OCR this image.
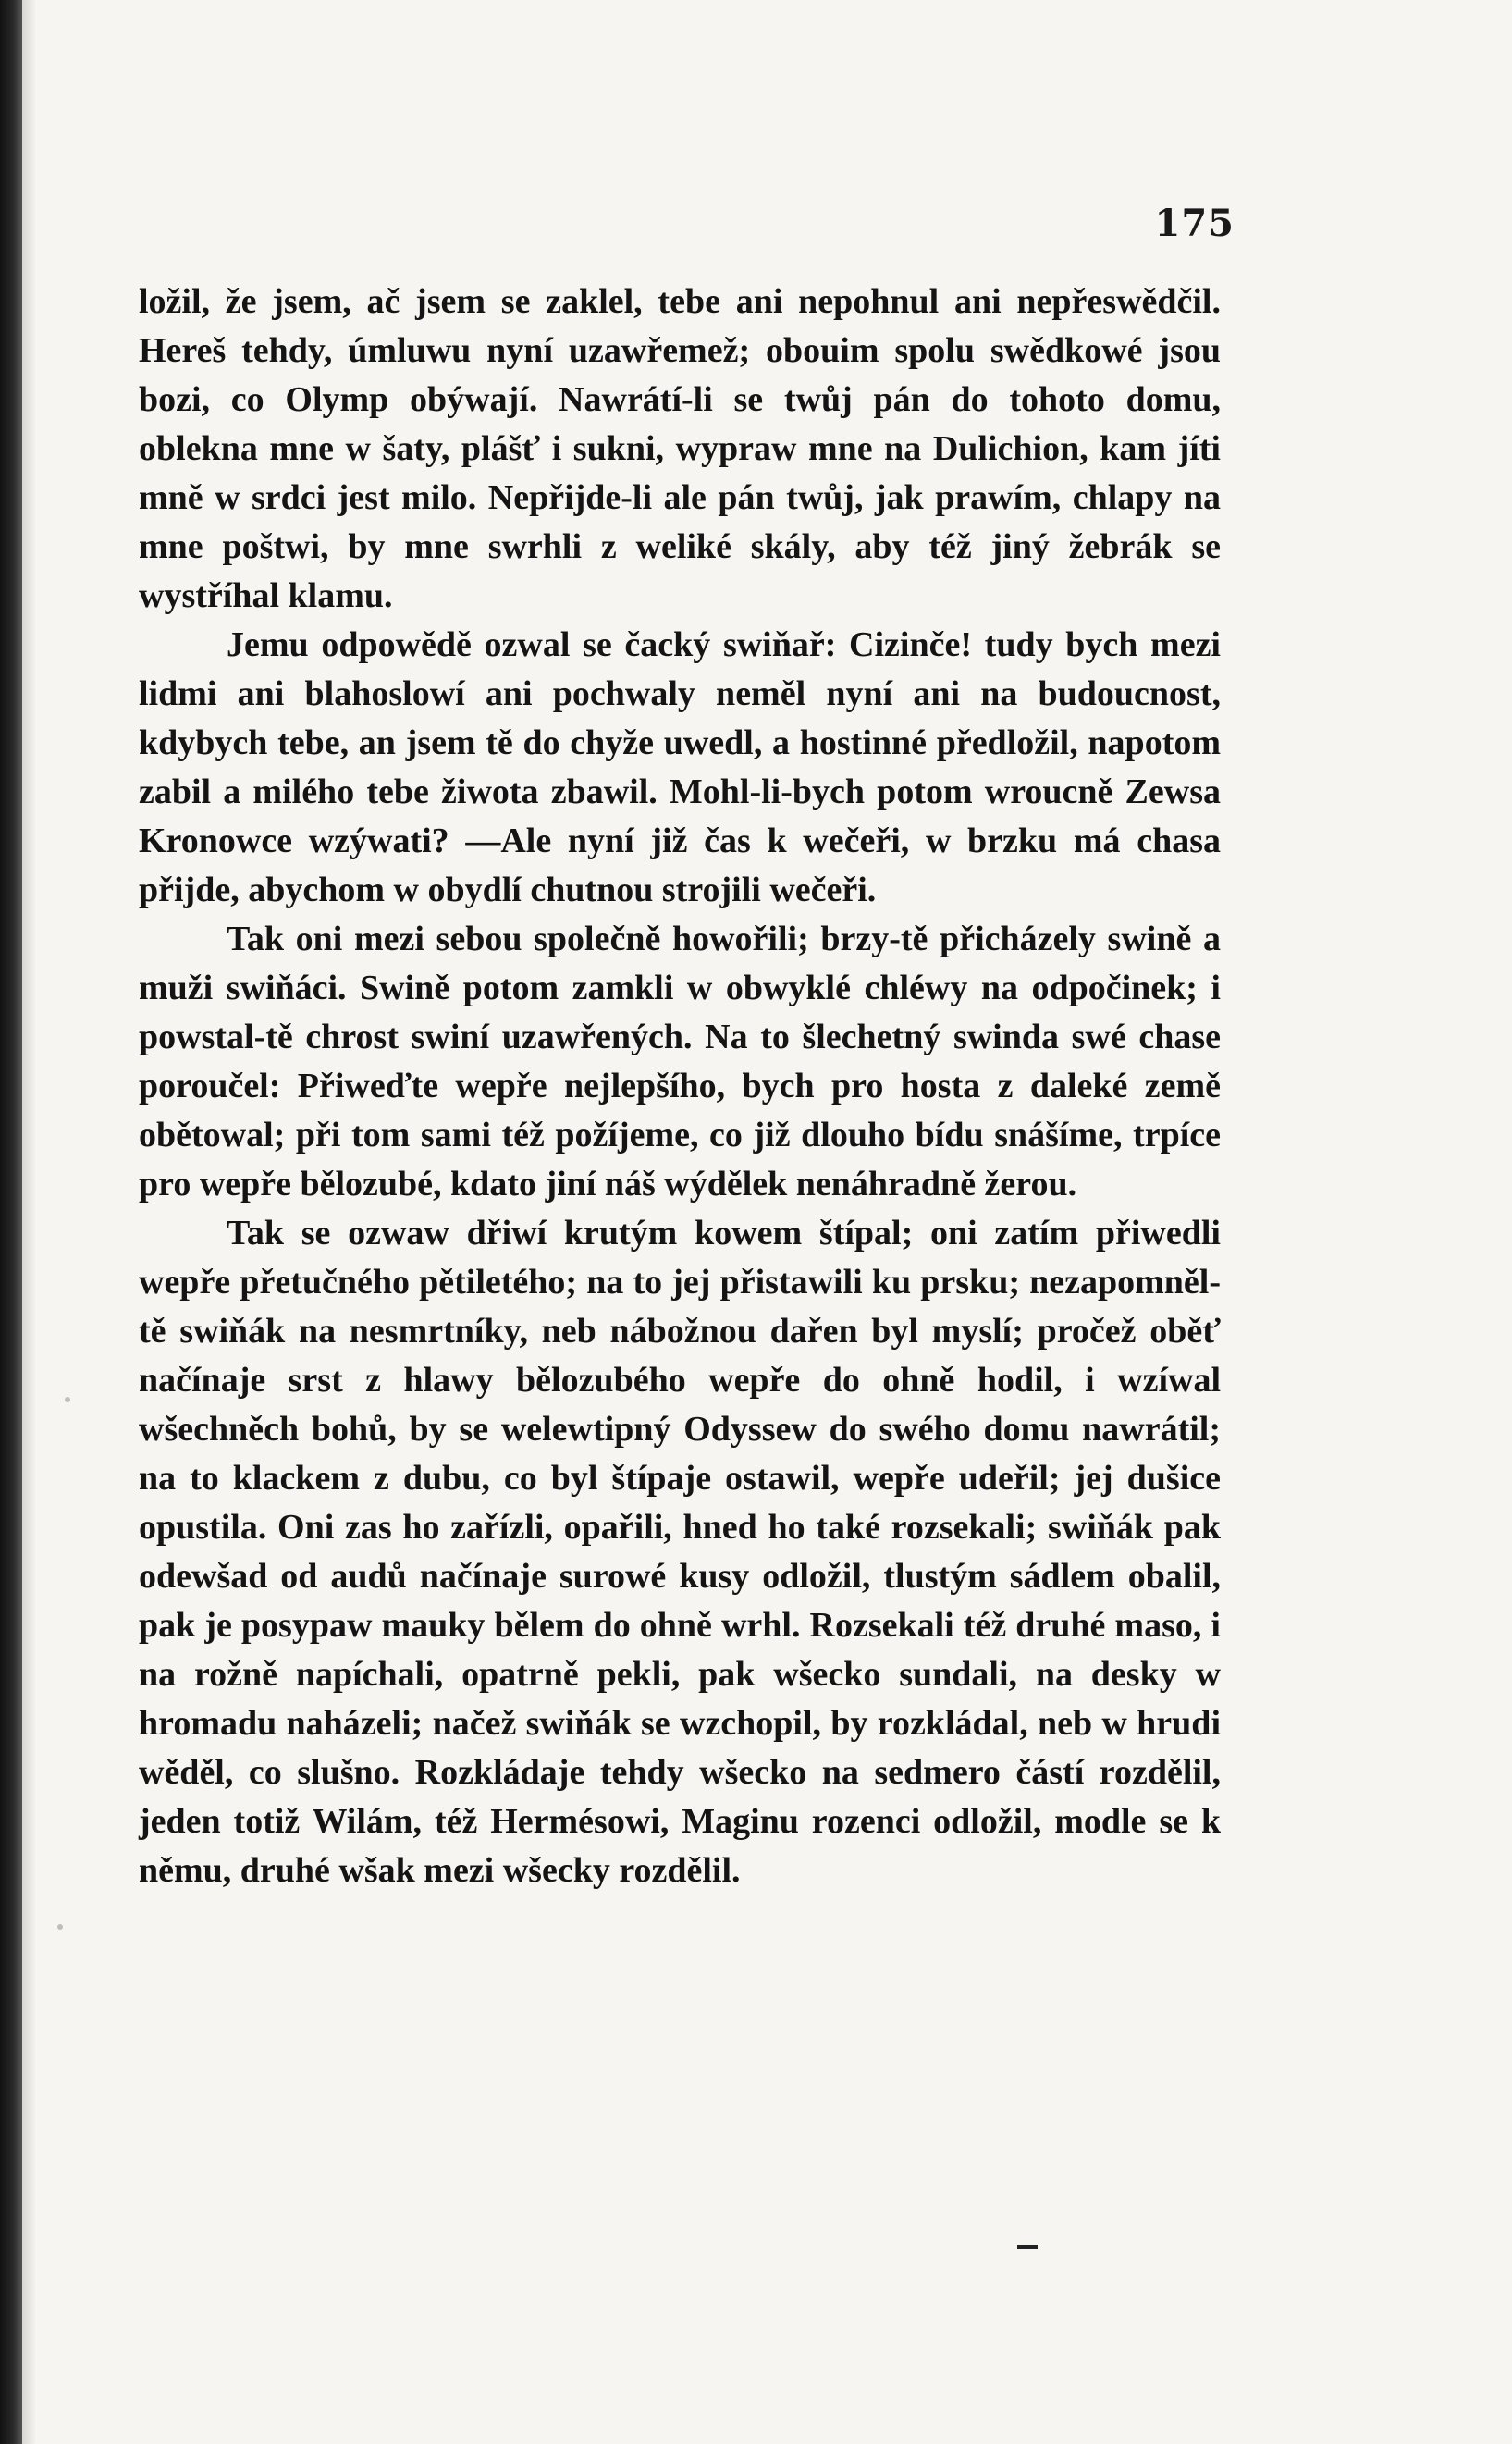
175

ložil, že jsem, ač jsem se zaklel, tebe ani nepohnul ani nepřeswědčil. Hereš tehdy, úmluwu nyní uzawřemež; obouim spolu swědkowé jsou bozi, co Olymp obýwají. Nawrátí-li se twůj pán do tohoto domu, oblekna mne w šaty, plášť i sukni, wypraw mne na Dulichion, kam jíti mně w srdci jest milo. Nepřijde-li ale pán twůj, jak prawím, chlapy na mne poštwi, by mne swrhli z weliké skály, aby též jiný žebrák se wystříhal klamu.

Jemu odpowědě ozwal se čacký swiňař: Cizinče! tudy bych mezi lidmi ani blahoslowí ani pochwaly neměl nyní ani na budoucnost, kdybych tebe, an jsem tě do chyže uwedl, a hostinné předložil, napotom zabil a milého tebe žiwota zbawil. Mohl-li-bych potom wroucně Zewsa Kronowce wzýwati? —Ale nyní již čas k wečeři, w brzku má chasa přijde, abychom w obydlí chutnou strojili wečeři.

Tak oni mezi sebou společně howořili; brzy-tě přicházely swině a muži swiňáci. Swině potom zamkli w obwyklé chléwy na odpočinek; i powstal-tě chrost swiní uzawřených. Na to šlechetný swinda swé chase poroučel: Přiweďte wepře nejlepšího, bych pro hosta z daleké země obětowal; při tom sami též požíjeme, co již dlouho bídu snášíme, trpíce pro wepře bělozubé, kdato jiní náš wýdělek nenáhradně žerou.

Tak se ozwaw dřiwí krutým kowem štípal; oni zatím přiwedli wepře přetučného pětiletého; na to jej přistawili ku prsku; nezapomněl-tě swiňák na nesmrtníky, neb nábožnou dařen byl myslí; pročež oběť načínaje srst z hlawy bělozubého wepře do ohně hodil, i wzíwal wšechněch bohů, by se welewtipný Odyssew do swého domu nawrátil; na to klackem z dubu, co byl štípaje ostawil, wepře udeřil; jej dušice opustila. Oni zas ho zařízli, opařili, hned ho také rozsekali; swiňák pak odewšad od audů načínaje surowé kusy odložil, tlustým sádlem obalil, pak je posypaw mauky bělem do ohně wrhl. Rozsekali též druhé maso, i na rožně napíchali, opatrně pekli, pak wšecko sundali, na desky w hromadu naházeli; načež swiňák se wzchopil, by rozkládal, neb w hrudi wěděl, co slušno. Rozkládaje tehdy wšecko na sedmero částí rozdělil, jeden totiž Wilám, též Hermésowi, Maginu rozenci odložil, modle se k němu, druhé wšak mezi wšecky rozdělil.
